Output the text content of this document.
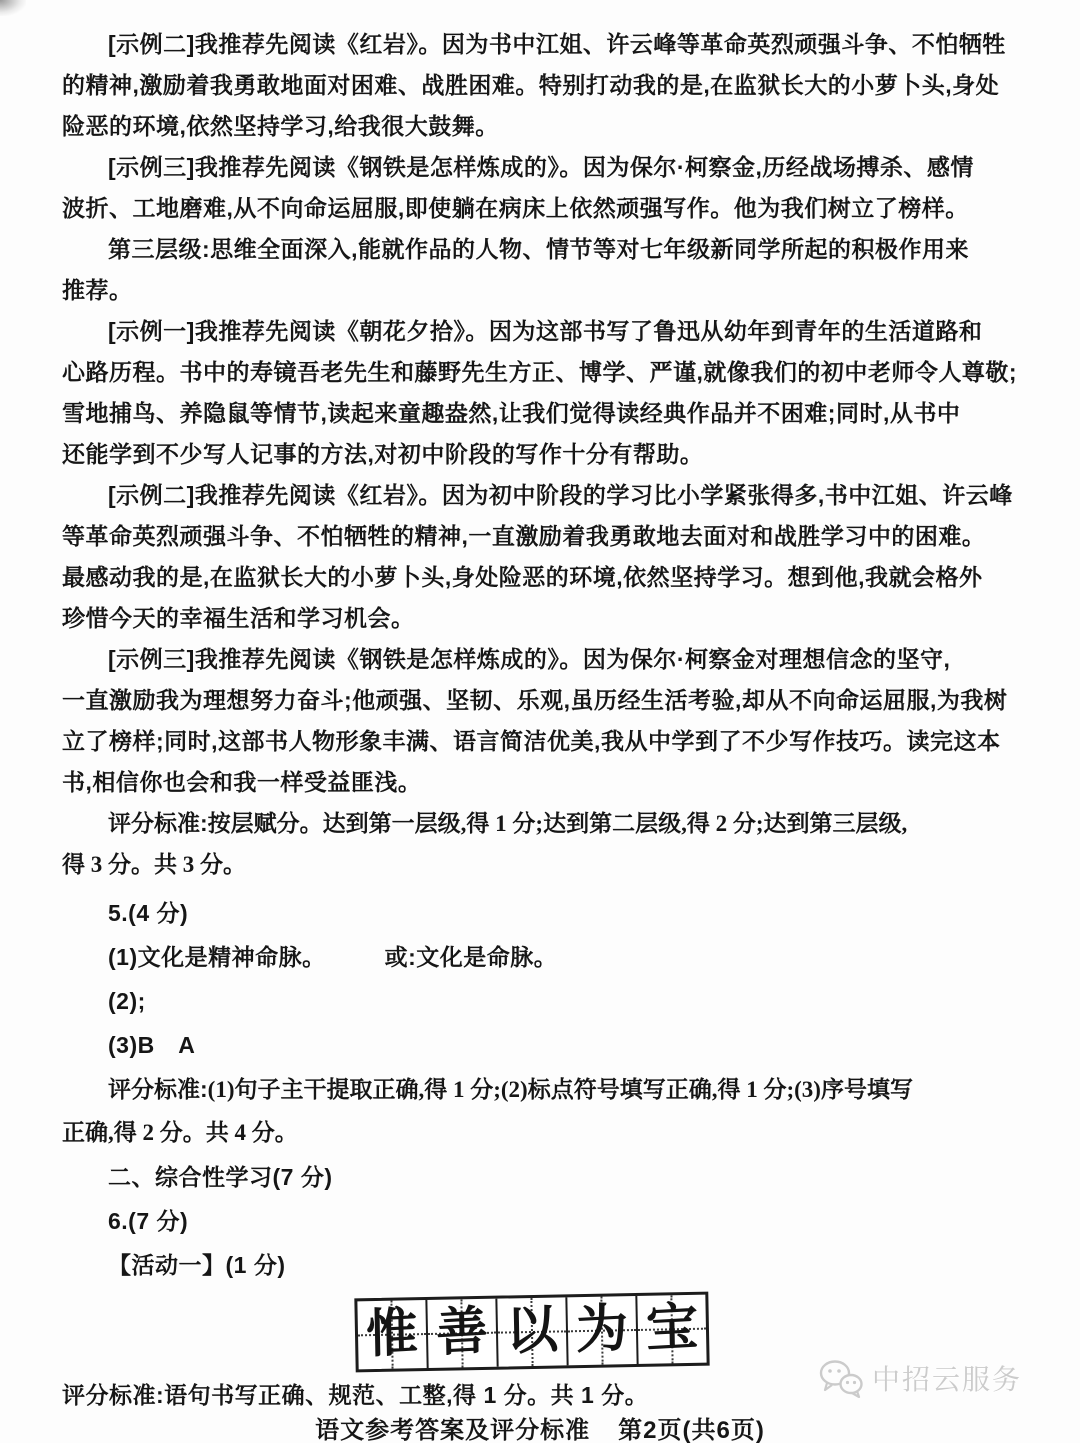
[示例二]我推荐先阅读《红岩》。因为书中江姐、许云峰等革命英烈顽强斗争、不怕牺牲
的精神,激励着我勇敢地面对困难、战胜困难。特别打动我的是,在监狱长大的小萝卜头,身处
险恶的环境,依然坚持学习,给我很大鼓舞。
[示例三]我推荐先阅读《钢铁是怎样炼成的》。因为保尔·柯察金,历经战场搏杀、感情
波折、工地磨难,从不向命运屈服,即使躺在病床上依然顽强写作。他为我们树立了榜样。
第三层级:思维全面深入,能就作品的人物、情节等对七年级新同学所起的积极作用来
推荐。
[示例一]我推荐先阅读《朝花夕拾》。因为这部书写了鲁迅从幼年到青年的生活道路和
心路历程。书中的寿镜吾老先生和藤野先生方正、博学、严谨,就像我们的初中老师令人尊敬;
雪地捕鸟、养隐鼠等情节,读起来童趣盎然,让我们觉得读经典作品并不困难;同时,从书中
还能学到不少写人记事的方法,对初中阶段的写作十分有帮助。
[示例二]我推荐先阅读《红岩》。因为初中阶段的学习比小学紧张得多,书中江姐、许云峰
等革命英烈顽强斗争、不怕牺牲的精神,一直激励着我勇敢地去面对和战胜学习中的困难。
最感动我的是,在监狱长大的小萝卜头,身处险恶的环境,依然坚持学习。想到他,我就会格外
珍惜今天的幸福生活和学习机会。
[示例三]我推荐先阅读《钢铁是怎样炼成的》。因为保尔·柯察金对理想信念的坚守,
一直激励我为理想努力奋斗;他顽强、坚韧、乐观,虽历经生活考验,却从不向命运屈服,为我树
立了榜样;同时,这部书人物形象丰满、语言简洁优美,我从中学到了不少写作技巧。读完这本
书,相信你也会和我一样受益匪浅。
评分标准:按层赋分。达到第一层级,得 1 分;达到第二层级,得 2 分;达到第三层级,
得 3 分。共 3 分。
5.(4 分)
(1)文化是精神命脉。　　　或:文化是命脉。
(2);
(3)B　A
评分标准:(1)句子主干提取正确,得 1 分;(2)标点符号填写正确,得 1 分;(3)序号填写
正确,得 2 分。共 4 分。
二、综合性学习(7 分)
6.(7 分)
【活动一】(1 分)
惟 善 以 为 宝
评分标准:语句书写正确、规范、工整,得 1 分。共 1 分。
语文参考答案及评分标准 第2页(共6页)
中招云服务
